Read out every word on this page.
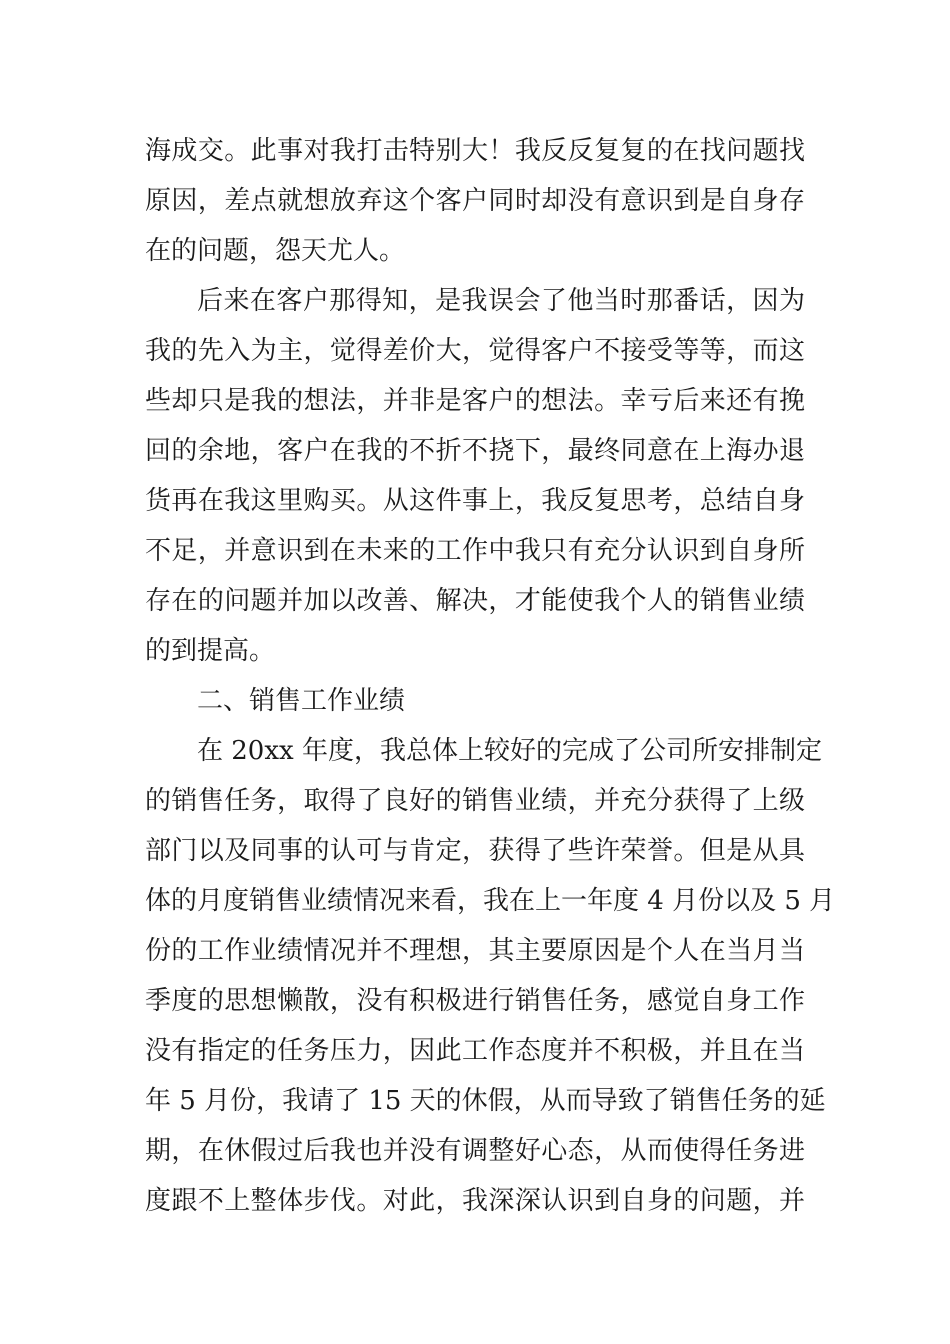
海成交。此事对我打击特别大！我反反复复的在找问题找
原因，差点就想放弃这个客户同时却没有意识到是自身存
在的问题，怨天尤人。
后来在客户那得知，是我误会了他当时那番话，因为
我的先入为主，觉得差价大，觉得客户不接受等等，而这
些却只是我的想法，并非是客户的想法。幸亏后来还有挽
回的余地，客户在我的不折不挠下，最终同意在上海办退
货再在我这里购买。从这件事上，我反复思考，总结自身
不足，并意识到在未来的工作中我只有充分认识到自身所
存在的问题并加以改善、解决，才能使我个人的销售业绩
的到提高。
二、销售工作业绩
在 20xx 年度，我总体上较好的完成了公司所安排制定
的销售任务，取得了良好的销售业绩，并充分获得了上级
部门以及同事的认可与肯定，获得了些许荣誉。但是从具
体的月度销售业绩情况来看，我在上一年度 4 月份以及 5 月
份的工作业绩情况并不理想，其主要原因是个人在当月当
季度的思想懒散，没有积极进行销售任务，感觉自身工作
没有指定的任务压力，因此工作态度并不积极，并且在当
年 5 月份，我请了 15 天的休假，从而导致了销售任务的延
期，在休假过后我也并没有调整好心态，从而使得任务进
度跟不上整体步伐。对此，我深深认识到自身的问题，并
